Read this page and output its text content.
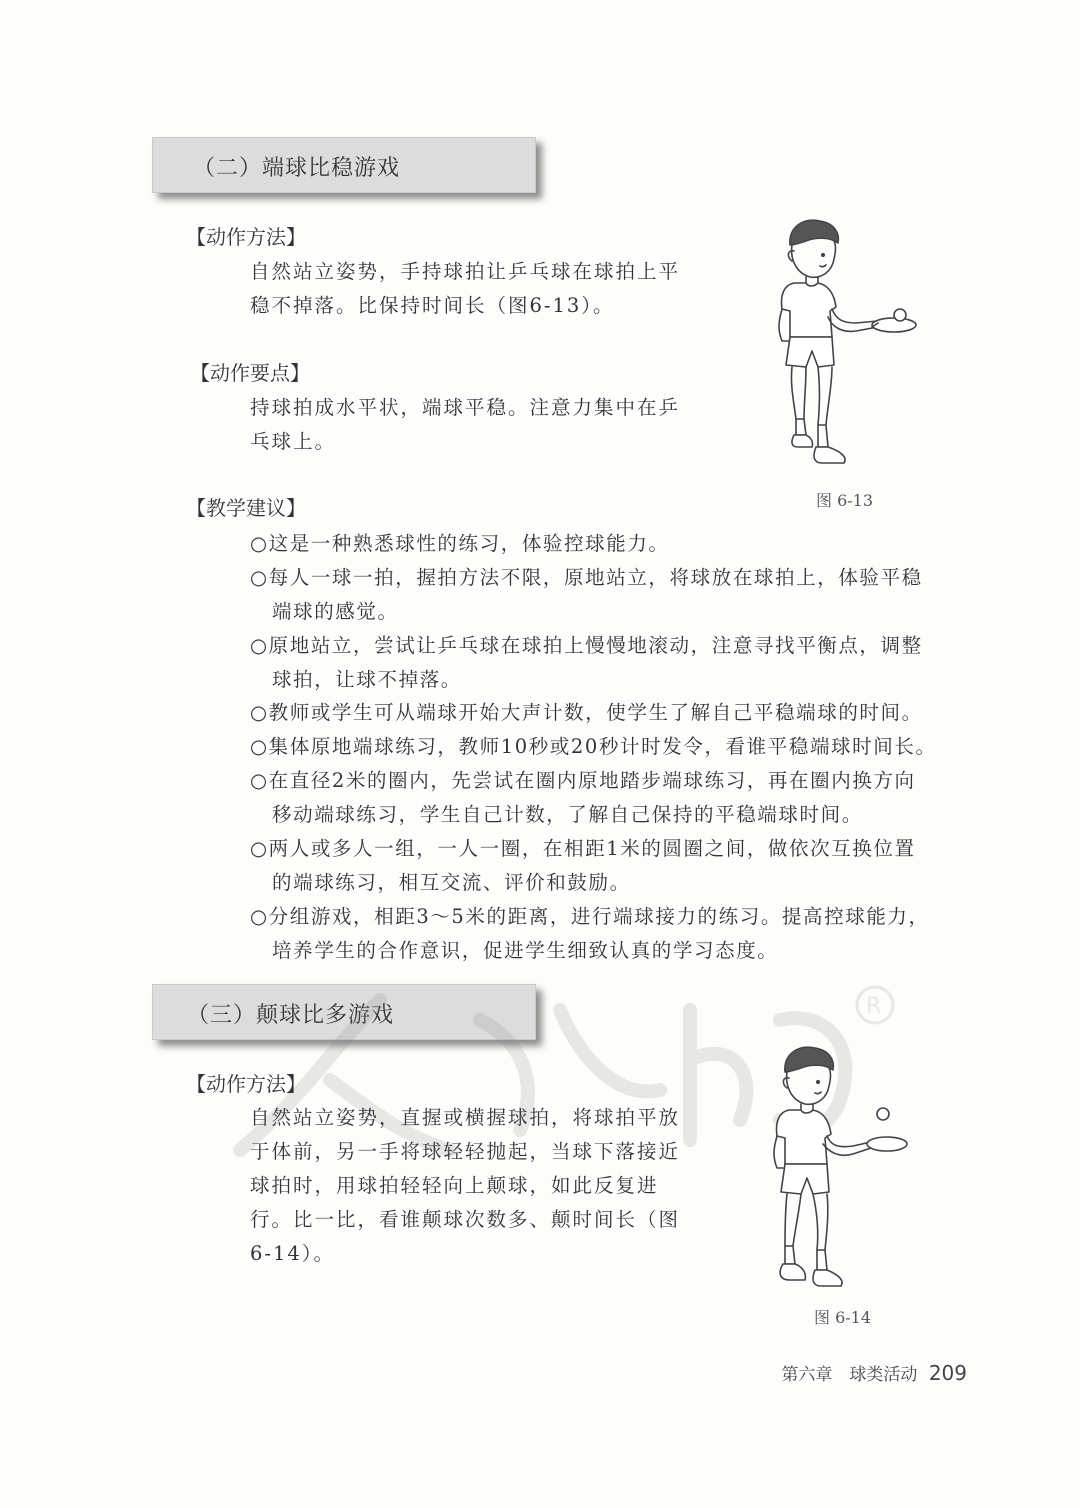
（二）端球比稳游戏
【动作方法】
自然站立姿势，手持球拍让乒乓球在球拍上平
稳不掉落。比保持时间长（图6-13）。
【动作要点】
持球拍成水平状，端球平稳。注意力集中在乒
乓球上。
【教学建议】
○这是一种熟悉球性的练习，体验控球能力。
○每人一球一拍，握拍方法不限，原地站立，将球放在球拍上，体验平稳
端球的感觉。
○原地站立，尝试让乒乓球在球拍上慢慢地滚动，注意寻找平衡点，调整
球拍，让球不掉落。
○教师或学生可从端球开始大声计数，使学生了解自己平稳端球的时间。
○集体原地端球练习，教师10秒或20秒计时发令，看谁平稳端球时间长。
○在直径2米的圈内，先尝试在圈内原地踏步端球练习，再在圈内换方向
移动端球练习，学生自己计数，了解自己保持的平稳端球时间。
○两人或多人一组，一人一圈，在相距1米的圆圈之间，做依次互换位置
的端球练习，相互交流、评价和鼓励。
○分组游戏，相距3～5米的距离，进行端球接力的练习。提高控球能力，
培养学生的合作意识，促进学生细致认真的学习态度。
图 6-13
（三）颠球比多游戏	R
【动作方法】
自然站立姿势，直握或横握球拍，将球拍平放
于体前，另一手将球轻轻抛起，当球下落接近
球拍时，用球拍轻轻向上颠球，如此反复进
行。比一比，看谁颠球次数多、颠时间长（图
6-14）。
图 6-14
第六章　球类活动 209
